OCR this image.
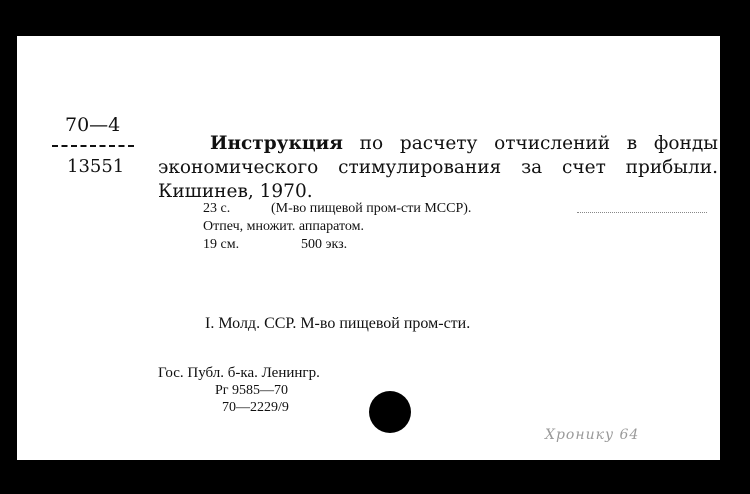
70—4
13551
Инструкция по расчету отчислений в фонды экономического стимулирования за счет прибыли. Кишинев, 1970.
23 с.	(М-во пищевой пром-сти МССР).
Отпеч, множит. аппаратом.
19 см.	500 экз.
I. Молд. ССР. М-во пищевой пром-сти.
Гос. Публ. б-ка. Ленингр.
Рг 9585—70
70—2229/9
Хронику 64
